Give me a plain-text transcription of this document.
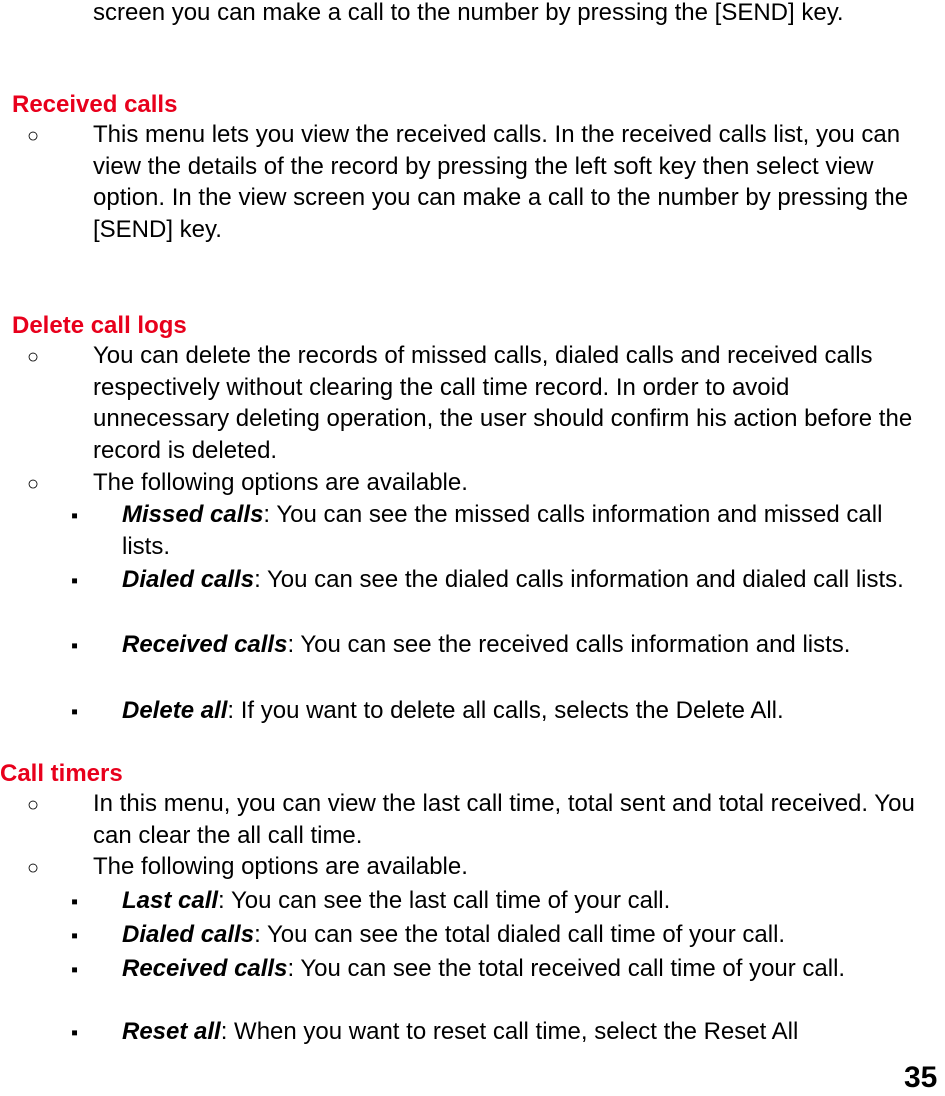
screen you can make a call to the number by pressing the [SEND] key.
Received calls
○ This menu lets you view the received calls. In the received calls list, you can view the details of the record by pressing the left soft key then select view option. In the view screen you can make a call to the number by pressing the [SEND] key.
Delete call logs
○ You can delete the records of missed calls, dialed calls and received calls respectively without clearing the call time record. In order to avoid unnecessary deleting operation, the user should confirm his action before the record is deleted.
○ The following options are available.
▪ Missed calls: You can see the missed calls information and missed call lists.
▪ Dialed calls: You can see the dialed calls information and dialed call lists.
▪ Received calls: You can see the received calls information and lists.
▪ Delete all: If you want to delete all calls, selects the Delete All.
Call timers
○ In this menu, you can view the last call time, total sent and total received. You can clear the all call time.
○ The following options are available.
▪ Last call: You can see the last call time of your call.
▪ Dialed calls: You can see the total dialed call time of your call.
▪ Received calls: You can see the total received call time of your call.
▪ Reset all: When you want to reset call time, select the Reset All
35
